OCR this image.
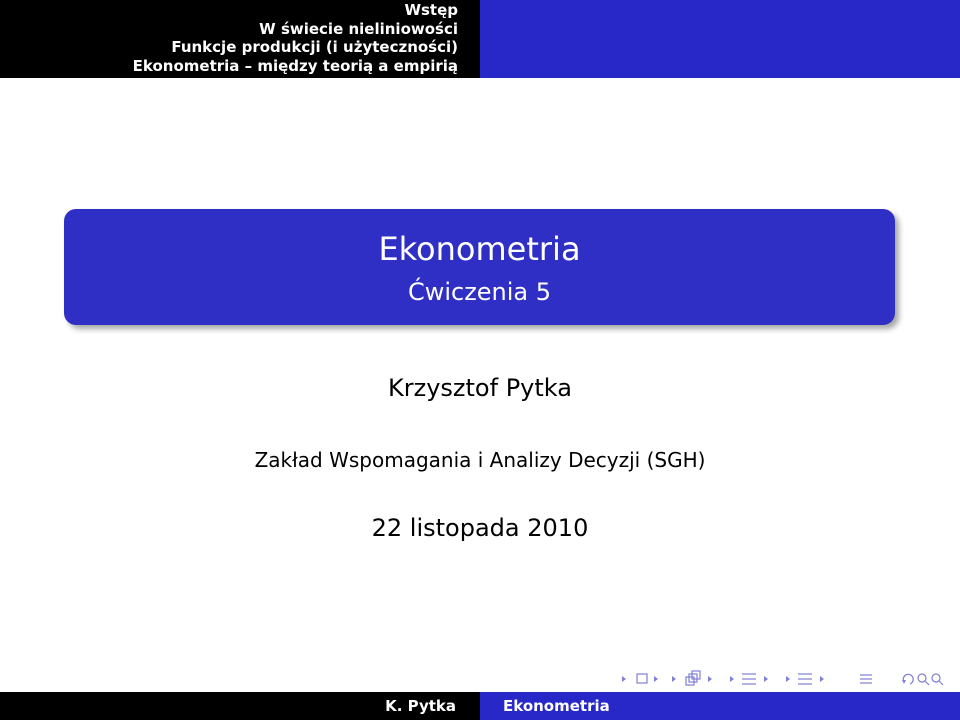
Wstęp
W świecie nieliniowości
Funkcje produkcji (i użyteczności)
Ekonometria – między teorią a empirią
Ekonometria
Ćwiczenia 5
Krzysztof Pytka
Zakład Wspomagania i Analizy Decyzji (SGH)
22 listopada 2010
K. Pytka	Ekonometria
